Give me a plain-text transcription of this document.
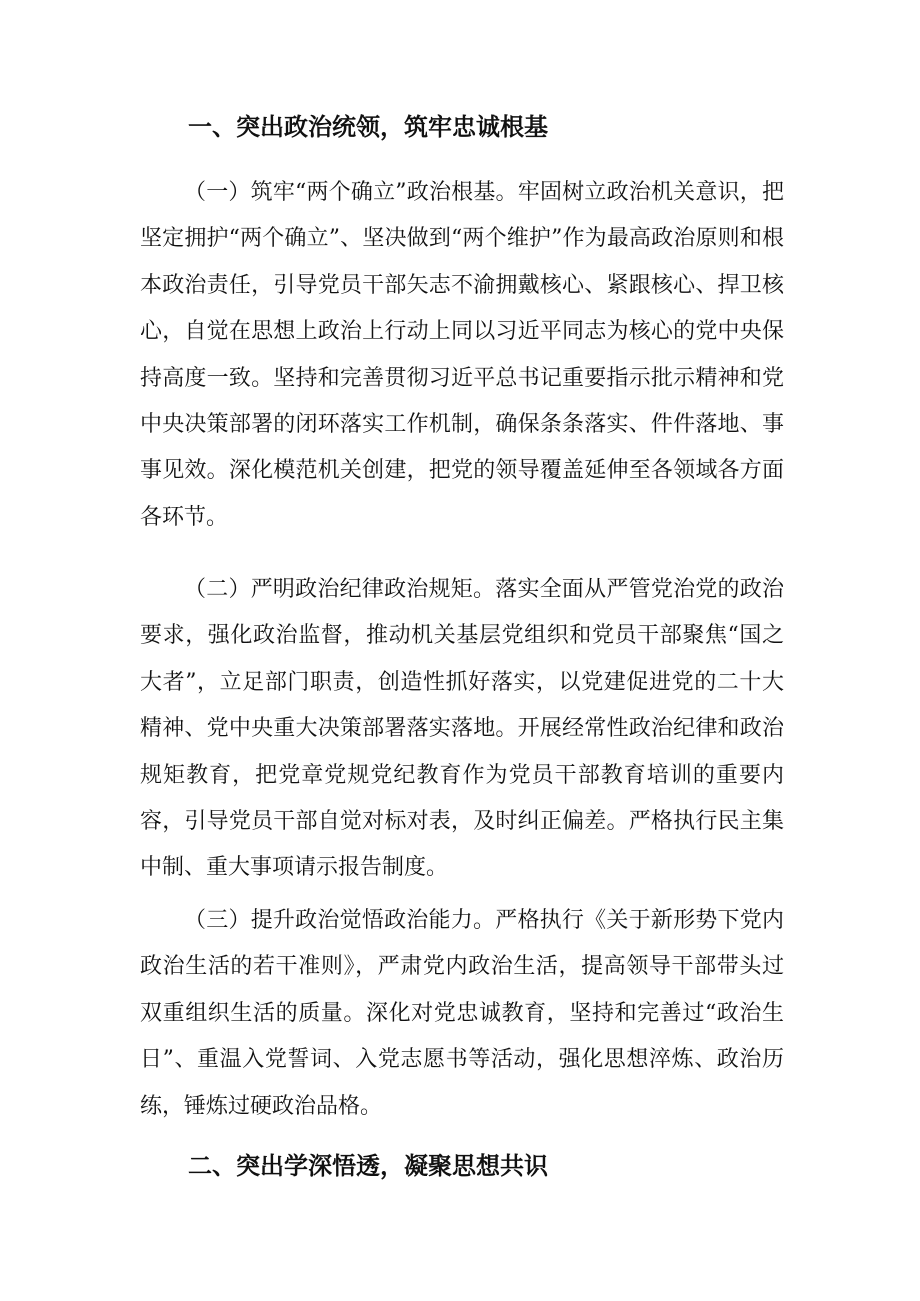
一、突出政治统领，筑牢忠诚根基

（一）筑牢“两个确立”政治根基。牢固树立政治机关意识，把坚定拥护“两个确立”、坚决做到“两个维护”作为最高政治原则和根本政治责任，引导党员干部矢志不渝拥戴核心、紧跟核心、捍卫核心，自觉在思想上政治上行动上同以习近平同志为核心的党中央保持高度一致。坚持和完善贯彻习近平总书记重要指示批示精神和党中央决策部署的闭环落实工作机制，确保条条落实、件件落地、事事见效。深化模范机关创建，把党的领导覆盖延伸至各领域各方面各环节。

（二）严明政治纪律政治规矩。落实全面从严管党治党的政治要求，强化政治监督，推动机关基层党组织和党员干部聚焦“国之大者”，立足部门职责，创造性抓好落实，以党建促进党的二十大精神、党中央重大决策部署落实落地。开展经常性政治纪律和政治规矩教育，把党章党规党纪教育作为党员干部教育培训的重要内容，引导党员干部自觉对标对表，及时纠正偏差。严格执行民主集中制、重大事项请示报告制度。

（三）提升政治觉悟政治能力。严格执行《关于新形势下党内政治生活的若干准则》，严肃党内政治生活，提高领导干部带头过双重组织生活的质量。深化对党忠诚教育，坚持和完善过“政治生日”、重温入党誓词、入党志愿书等活动，强化思想淬炼、政治历练，锤炼过硬政治品格。

二、突出学深悟透，凝聚思想共识
